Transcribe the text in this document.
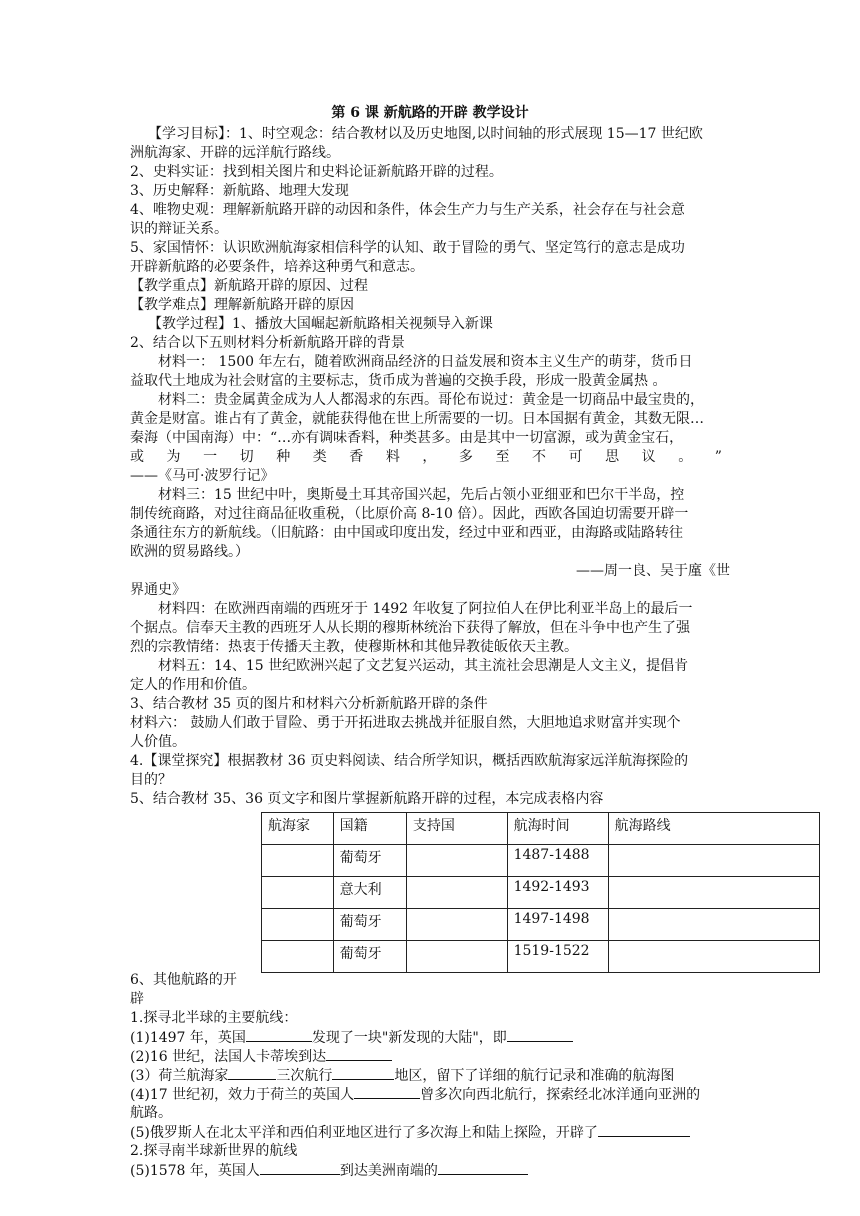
第 6 课 新航路的开辟 教学设计
【学习目标】：1、时空观念：结合教材以及历史地图,以时间轴的形式展现 15—17 世纪欧
洲航海家、开辟的远洋航行路线。
2、史料实证：找到相关图片和史料论证新航路开辟的过程。
3、历史解释：新航路、地理大发现
4、唯物史观：理解新航路开辟的动因和条件，体会生产力与生产关系，社会存在与社会意
识的辩证关系。
5、家国情怀：认识欧洲航海家相信科学的认知、敢于冒险的勇气、坚定笃行的意志是成功
开辟新航路的必要条件，培养这种勇气和意志。
【教学重点】新航路开辟的原因、过程
【教学难点】理解新航路开辟的原因
【教学过程】1、播放大国崛起新航路相关视频导入新课
2、结合以下五则材料分析新航路开辟的背景
材料一： 1500 年左右，随着欧洲商品经济的日益发展和资本主义生产的萌芽，货币日
益取代土地成为社会财富的主要标志，货币成为普遍的交换手段，形成一股黄金属热 。
材料二：贵金属黄金成为人人都渴求的东西。哥伦布说过：黄金是一切商品中最宝贵的，
黄金是财富。谁占有了黄金，就能获得他在世上所需要的一切。日本国据有黄金，其数无限…
秦海（中国南海）中：“…亦有调味香料，种类甚多。由是其中一切富源，或为黄金宝石，
或 为 一 切 种 类 香 料 ， 多 至 不 可 思 议 。 ”
——《马可·波罗行记》
材料三：15 世纪中叶，奥斯曼土耳其帝国兴起，先后占领小亚细亚和巴尔干半岛，控
制传统商路，对过往商品征收重税，（比原价高 8-10 倍）。因此，西欧各国迫切需要开辟一
条通往东方的新航线。（旧航路：由中国或印度出发，经过中亚和西亚，由海路或陆路转往
欧洲的贸易路线。）
——周一良、吴于廑《世
界通史》
材料四：在欧洲西南端的西班牙于 1492 年收复了阿拉伯人在伊比利亚半岛上的最后一
个据点。信奉天主教的西班牙人从长期的穆斯林统治下获得了解放，但在斗争中也产生了强
烈的宗教情绪：热衷于传播天主教，使穆斯林和其他异教徒皈依天主教。
材料五：14、15 世纪欧洲兴起了文艺复兴运动，其主流社会思潮是人文主义，提倡肯
定人的作用和价值。
3、结合教材 35 页的图片和材料六分析新航路开辟的条件
材料六： 鼓励人们敢于冒险、勇于开拓进取去挑战并征服自然，大胆地追求财富并实现个
人价值。
4.【课堂探究】根据教材 36 页史料阅读、结合所学知识，概括西欧航海家远洋航海探险的
目的？
5、结合教材 35、36 页文字和图片掌握新航路开辟的过程，本完成表格内容
航海家	国籍	支持国	航海时间	航海路线
	葡萄牙		1487-1488	
	意大利		1492-1493	
	葡萄牙		1497-1498	
	葡萄牙		1519-1522	
6、其他航路的开
辟
1.探寻北半球的主要航线：
(1)1497 年，英国	发现了一块"新发现的大陆"，即
(2)16 世纪，法国人卡蒂埃到达
(3）荷兰航海家	三次航行	地区，留下了详细的航行记录和准确的航海图
(4)17 世纪初，效力于荷兰的英国人	曾多次向西北航行，探索经北冰洋通向亚洲的
航路。
(5)俄罗斯人在北太平洋和西伯利亚地区进行了多次海上和陆上探险，开辟了
2.探寻南半球新世界的航线
(5)1578 年，英国人	到达美洲南端的
